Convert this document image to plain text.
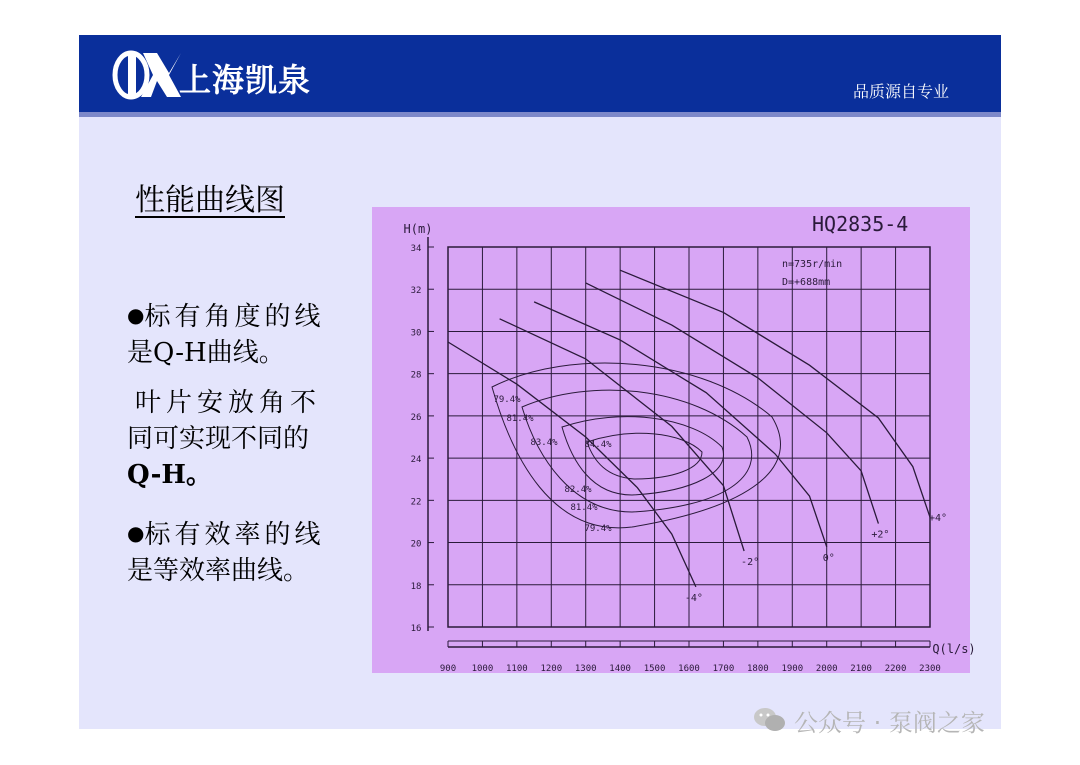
上海凯泉	品质源自专业
性能曲线图
●标有角度的线
是Q-H曲线。
叶片安放角不
同可实现不同的
Q-H。
●标有效率的线
是等效率曲线。
34
32
30
28
26
24
22
20
18
16
H(m)
900 1000 1100 1200 1300 1400 1500 1600 1700 1800 1900 2000 2100 2200 2300
Q(l/s)
HQ2835-4
n=735r/min
D=+688mm
-4°
-2°	0°
+2°
+4°
79.4%
81.4%
83.4%	84.4%
82.4%
81.4%
79.4%
公众号 · 泵阀之家
